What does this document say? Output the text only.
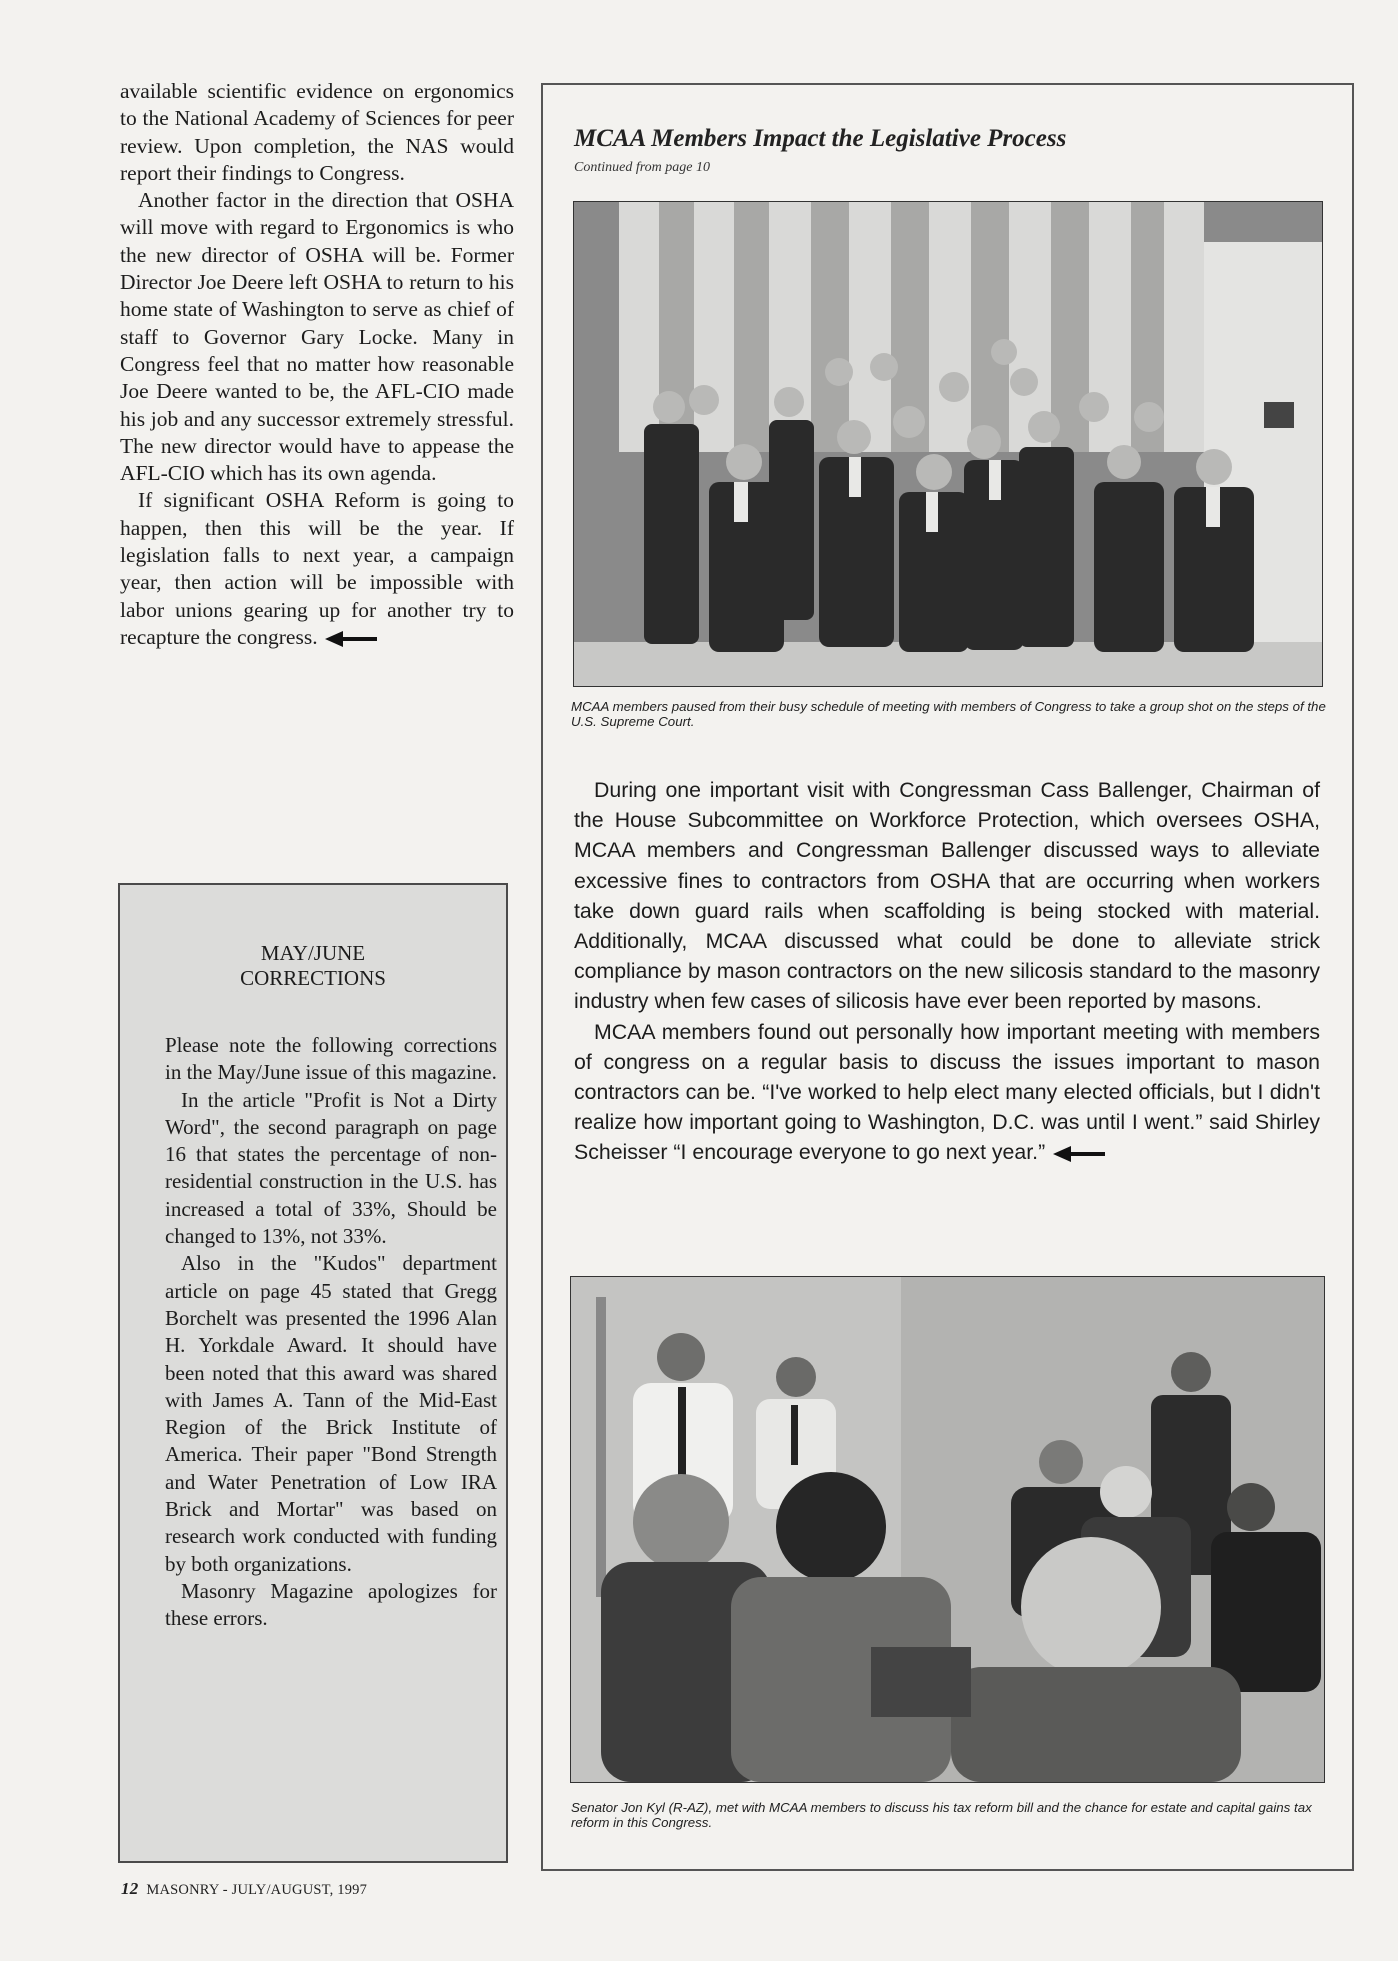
available scientific evidence on ergonomics to the National Academy of Sciences for peer review. Upon completion, the NAS would report their findings to Congress.

Another factor in the direction that OSHA will move with regard to Ergonomics is who the new director of OSHA will be. Former Director Joe Deere left OSHA to return to his home state of Washington to serve as chief of staff to Governor Gary Locke. Many in Congress feel that no matter how reasonable Joe Deere wanted to be, the AFL-CIO made his job and any successor extremely stressful. The new director would have to appease the AFL-CIO which has its own agenda.

If significant OSHA Reform is going to happen, then this will be the year. If legislation falls to next year, a campaign year, then action will be impossible with labor unions gearing up for another try to recapture the congress.

MAY/JUNE
CORRECTIONS

Please note the following corrections in the May/June issue of this magazine.

In the article "Profit is Not a Dirty Word", the second paragraph on page 16 that states the percentage of non-residential construction in the U.S. has increased a total of 33%, Should be changed to 13%, not 33%.

Also in the "Kudos" department article on page 45 stated that Gregg Borchelt was presented the 1996 Alan H. Yorkdale Award. It should have been noted that this award was shared with James A. Tann of the Mid-East Region of the Brick Institute of America. Their paper "Bond Strength and Water Penetration of Low IRA Brick and Mortar" was based on research work conducted with funding by both organizations.

Masonry Magazine apologizes for these errors.

MCAA Members Impact the Legislative Process
Continued from page 10
MCAA members paused from their busy schedule of meeting with members of Congress to take a group shot on the steps of the U.S. Supreme Court.

During one important visit with Congressman Cass Ballenger, Chairman of the House Subcommittee on Workforce Protection, which oversees OSHA, MCAA members and Congressman Ballenger discussed ways to alleviate excessive fines to contractors from OSHA that are occurring when workers take down guard rails when scaffolding is being stocked with material. Additionally, MCAA discussed what could be done to alleviate strick compliance by mason contractors on the new silicosis standard to the masonry industry when few cases of silicosis have ever been reported by masons.

MCAA members found out personally how important meeting with members of congress on a regular basis to discuss the issues important to mason contractors can be. “I've worked to help elect many elected officials, but I didn't realize how important going to Washington, D.C. was until I went.” said Shirley Scheisser “I encourage everyone to go next year.”

Senator Jon Kyl (R-AZ), met with MCAA members to discuss his tax reform bill and the chance for estate and capital gains tax reform in this Congress.
12 MASONRY - JULY/AUGUST, 1997
